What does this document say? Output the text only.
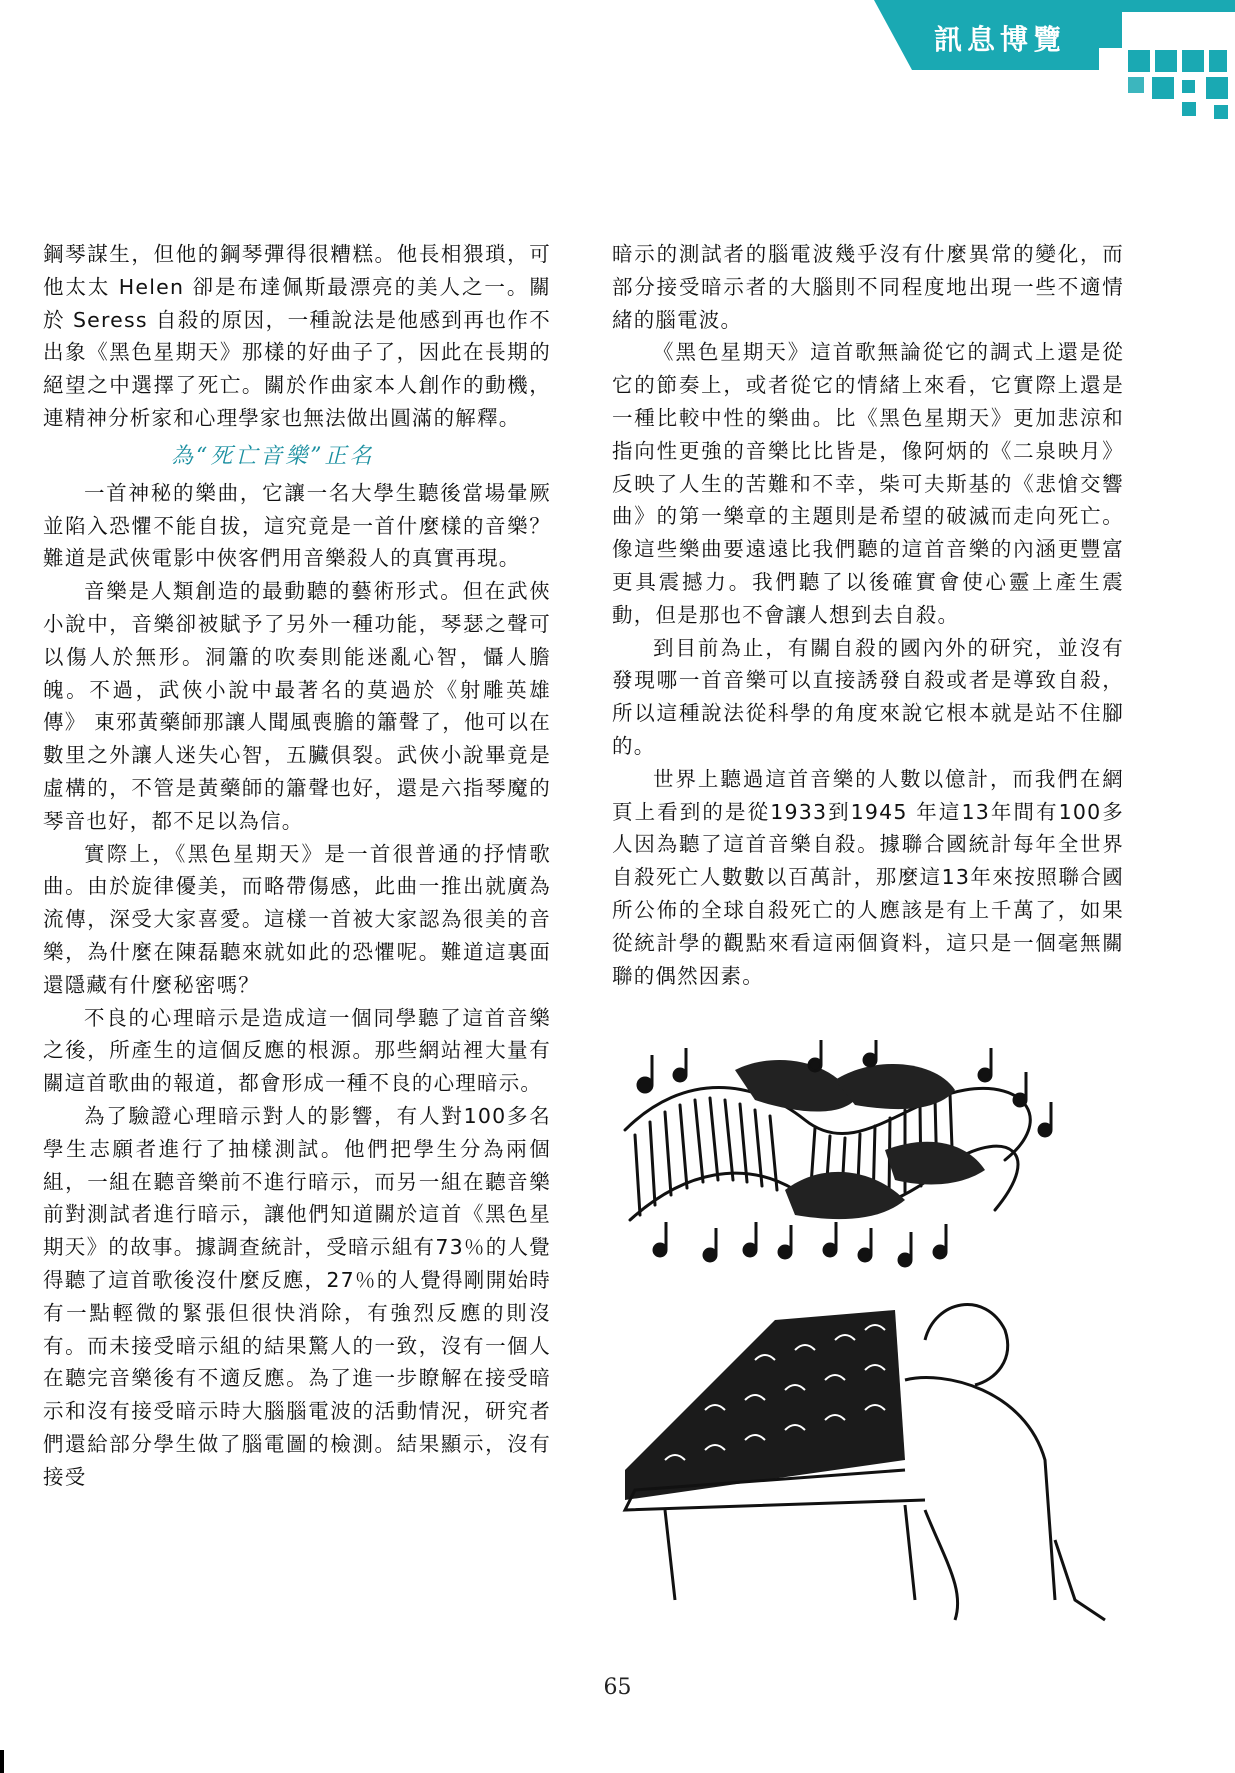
訊息博覽

鋼琴謀生，但他的鋼琴彈得很糟糕。他長相猥瑣，可他太太 Helen 卻是布達佩斯最漂亮的美人之一。關於 Seress 自殺的原因，一種說法是他感到再也作不出象《黑色星期天》那樣的好曲子了，因此在長期的絕望之中選擇了死亡。關於作曲家本人創作的動機，連精神分析家和心理學家也無法做出圓滿的解釋。

為“死亡音樂”正名

一首神秘的樂曲，它讓一名大學生聽後當場暈厥並陷入恐懼不能自拔，這究竟是一首什麼樣的音樂？難道是武俠電影中俠客們用音樂殺人的真實再現。

音樂是人類創造的最動聽的藝術形式。但在武俠小說中，音樂卻被賦予了另外一種功能，琴瑟之聲可以傷人於無形。洞簫的吹奏則能迷亂心智，懾人膽魄。不過，武俠小說中最著名的莫過於《射雕英雄傳》 東邪黃藥師那讓人聞風喪膽的簫聲了，他可以在數里之外讓人迷失心智，五臟俱裂。武俠小說畢竟是虛構的，不管是黃藥師的簫聲也好，還是六指琴魔的琴音也好，都不足以為信。

實際上，《黑色星期天》是一首很普通的抒情歌曲。由於旋律優美，而略帶傷感，此曲一推出就廣為流傳，深受大家喜愛。這樣一首被大家認為很美的音樂，為什麼在陳磊聽來就如此的恐懼呢。難道這裏面還隱藏有什麼秘密嗎？

不良的心理暗示是造成這一個同學聽了這首音樂之後，所產生的這個反應的根源。那些網站裡大量有關這首歌曲的報道，都會形成一種不良的心理暗示。

為了驗證心理暗示對人的影響，有人對100多名學生志願者進行了抽樣測試。他們把學生分為兩個組，一組在聽音樂前不進行暗示，而另一組在聽音樂前對測試者進行暗示，讓他們知道關於這首《黑色星期天》的故事。據調查統計，受暗示組有73％的人覺得聽了這首歌後沒什麼反應，27％的人覺得剛開始時有一點輕微的緊張但很快消除，有強烈反應的則沒有。而未接受暗示組的結果驚人的一致，沒有一個人在聽完音樂後有不適反應。為了進一步瞭解在接受暗示和沒有接受暗示時大腦腦電波的活動情況，研究者們還給部分學生做了腦電圖的檢測。結果顯示，沒有接受

暗示的測試者的腦電波幾乎沒有什麼異常的變化，而部分接受暗示者的大腦則不同程度地出現一些不適情緒的腦電波。

《黑色星期天》這首歌無論從它的調式上還是從它的節奏上，或者從它的情緒上來看，它實際上還是一種比較中性的樂曲。比《黑色星期天》更加悲涼和指向性更強的音樂比比皆是，像阿炳的《二泉映月》反映了人生的苦難和不幸，柴可夫斯基的《悲愴交響曲》的第一樂章的主題則是希望的破滅而走向死亡。像這些樂曲要遠遠比我們聽的這首音樂的內涵更豐富更具震撼力。我們聽了以後確實會使心靈上產生震動，但是那也不會讓人想到去自殺。

到目前為止，有關自殺的國內外的研究，並沒有發現哪一首音樂可以直接誘發自殺或者是導致自殺，所以這種說法從科學的角度來說它根本就是站不住腳的。

世界上聽過這首音樂的人數以億計，而我們在網頁上看到的是從1933到1945 年這13年間有100多人因為聽了這首音樂自殺。據聯合國統計每年全世界自殺死亡人數數以百萬計，那麼這13年來按照聯合國所公佈的全球自殺死亡的人應該是有上千萬了，如果從統計學的觀點來看這兩個資料，這只是一個毫無關聯的偶然因素。

65
